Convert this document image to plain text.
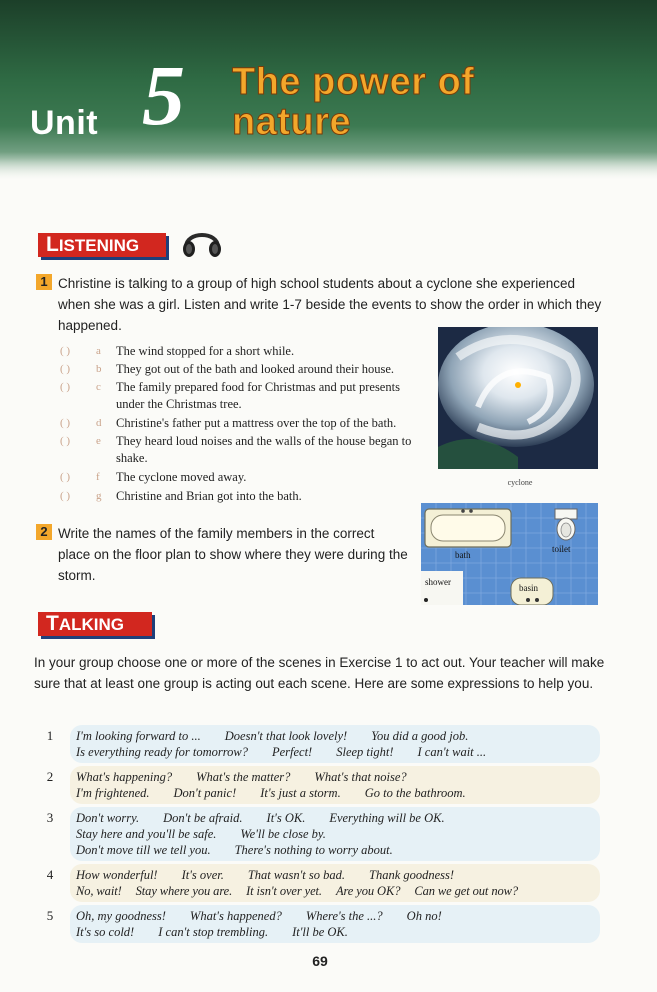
Unit 5 The power of
nature
LISTENING
1 Christine is talking to a group of high school students about a cyclone she experienced when she was a girl. Listen and write 1-7 beside the events to show the order in which they happened.
( ) a The wind stopped for a short while.
( ) b They got out of the bath and looked around their house.
( ) c The family prepared food for Christmas and put presents under the Christmas tree.
( ) d Christine's father put a mattress over the top of the bath.
( ) e They heard loud noises and the walls of the house began to shake.
( ) f The cyclone moved away.
( ) g Christine and Brian got into the bath.
cyclone
2 Write the names of the family members in the correct place on the floor plan to show where they were during the storm.
bath
toilet
shower
basin
TALKING
In your group choose one or more of the scenes in Exercise 1 to act out. Your teacher will make sure that at least one group is acting out each scene. Here are some expressions to help you.
1	I'm looking forward to ... Doesn't that look lovely! You did a good job.
Is everything ready for tomorrow? Perfect! Sleep tight! I can't wait ...
2	What's happening? What's the matter? What's that noise?
I'm frightened. Don't panic! It's just a storm. Go to the bathroom.
3	Don't worry. Don't be afraid. It's OK. Everything will be OK.
Stay here and you'll be safe. We'll be close by.
Don't move till we tell you. There's nothing to worry about.
4	How wonderful! It's over. That wasn't so bad. Thank goodness!
No, wait! Stay where you are. It isn't over yet. Are you OK? Can we get out now?
5	Oh, my goodness! What's happened? Where's the ...? Oh no!
It's so cold! I can't stop trembling. It'll be OK.
69
